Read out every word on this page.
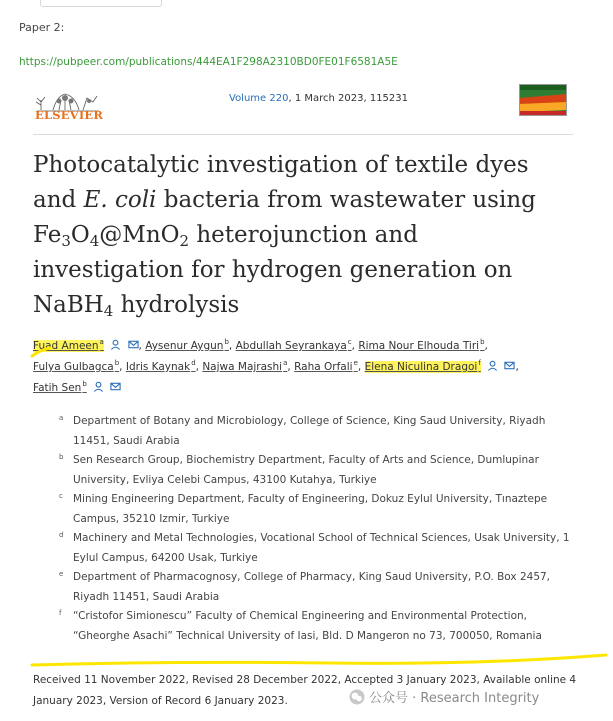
Paper 2:
https://pubpeer.com/publications/444EA1F298A2310BD0FE01F6581A5E
ELSEVIER
Volume 220, 1 March 2023, 115231
Photocatalytic investigation of textile dyes
and E. coli bacteria from wastewater using
$Fe_3O_4@MnO_2$ heterojunction and
investigation for hydrogen generation on
NaBH$_4$ hydrolysis
Fuad Ameen$^a$	, Aysenur Aygun$^b$, Abdullah Seyrankaya$^c$, Rima Nour Elhouda Tiri$^b$,
Fulya Gulbagca$^b$, Idris Kaynak$^d$, Najwa Majrashi$^a$, Raha Orfali$^e$, Elena Niculina Dragoi$^f$	,
Fatih Sen$^b$
a Department of Botany and Microbiology, College of Science, King Saud University, Riyadh 11451, Saudi Arabia
b Sen Research Group, Biochemistry Department, Faculty of Arts and Science, Dumlupinar University, Evliya Celebi Campus, 43100 Kutahya, Turkiye
c Mining Engineering Department, Faculty of Engineering, Dokuz Eylul University, Tınaztepe Campus, 35210 Izmir, Turkiye
d Machinery and Metal Technologies, Vocational School of Technical Sciences, Usak University, 1 Eylul Campus, 64200 Usak, Turkiye
e Department of Pharmacognosy, College of Pharmacy, King Saud University, P.O. Box 2457, Riyadh 11451, Saudi Arabia
f “Cristofor Simionescu” Faculty of Chemical Engineering and Environmental Protection, “Gheorghe Asachi” Technical University of Iasi, Bld. D Mangeron no 73, 700050, Romania
Received 11 November 2022, Revised 28 December 2022, Accepted 3 January 2023, Available online 4 January 2023, Version of Record 6 January 2023.	公众号 · Research Integrity
